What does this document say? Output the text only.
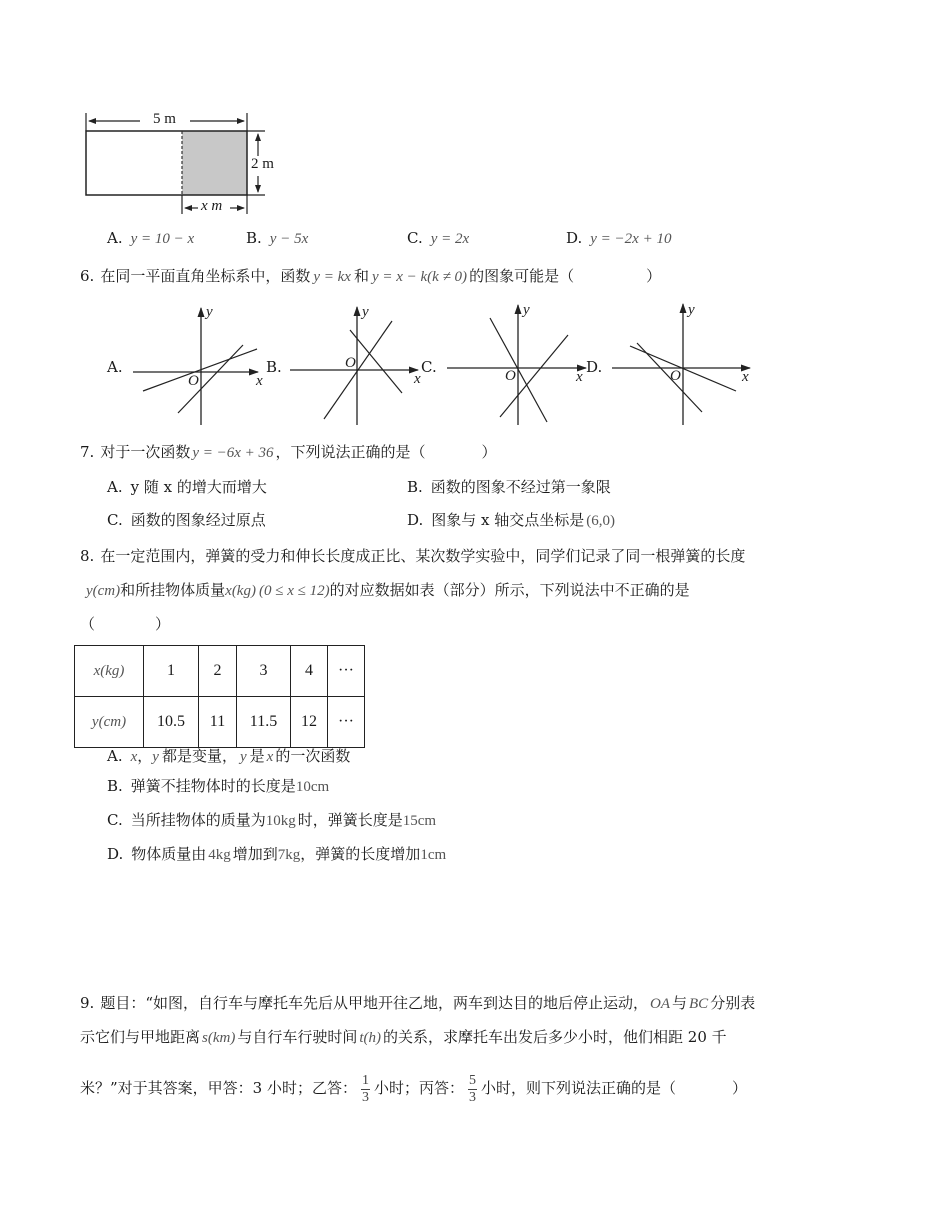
5 m
2 m
x m
A. y = 10 − x	B. y − 5x	C. y = 2x	D. y = −2x + 10
6. 在同一平面直角坐标系中，函数 y = kx 和 y = x − k(k ≠ 0) 的图象可能是（	）
A.
y
x
O
B.
y
x
O	C.
y
x
O	D.
y
x
O
7. 对于一次函数 y = −6x + 36 ，下列说法正确的是（	）
A. y 随 x 的增大而增大	B. 函数的图象不经过第一象限
C. 函数的图象经过原点	D. 图象与 x 轴交点坐标是 (6,0)
8. 在一定范围内，弹簧的受力和伸长长度成正比、某次数学实验中，同学们记录了同一根弹簧的长度
y(cm)和所挂物体质量x(kg) (0 ≤ x ≤ 12)的对应数据如表（部分）所示，下列说法中不正确的是
（　　　　）
x(kg)	1	2	3	4	···
y(cm)	10.5	11	11.5	12	···
A. x，y 都是变量， y 是 x 的一次函数
B. 弹簧不挂物体时的长度是10cm
C. 当所挂物体的质量为10kg 时，弹簧长度是15cm
D. 物体质量由 4kg 增加到7kg，弹簧的长度增加1cm
9. 题目：“如图，自行车与摩托车先后从甲地开往乙地，两车到达目的地后停止运动， OA 与 BC 分别表
示它们与甲地距离 s(km) 与自行车行驶时间 t(h) 的关系，求摩托车出发后多少小时，他们相距 20 千
米？”对于其答案，甲答：3 小时；乙答： $\frac{1}{3}$ 小时；丙答： $\frac{5}{3}$ 小时，则下列说法正确的是（	）
